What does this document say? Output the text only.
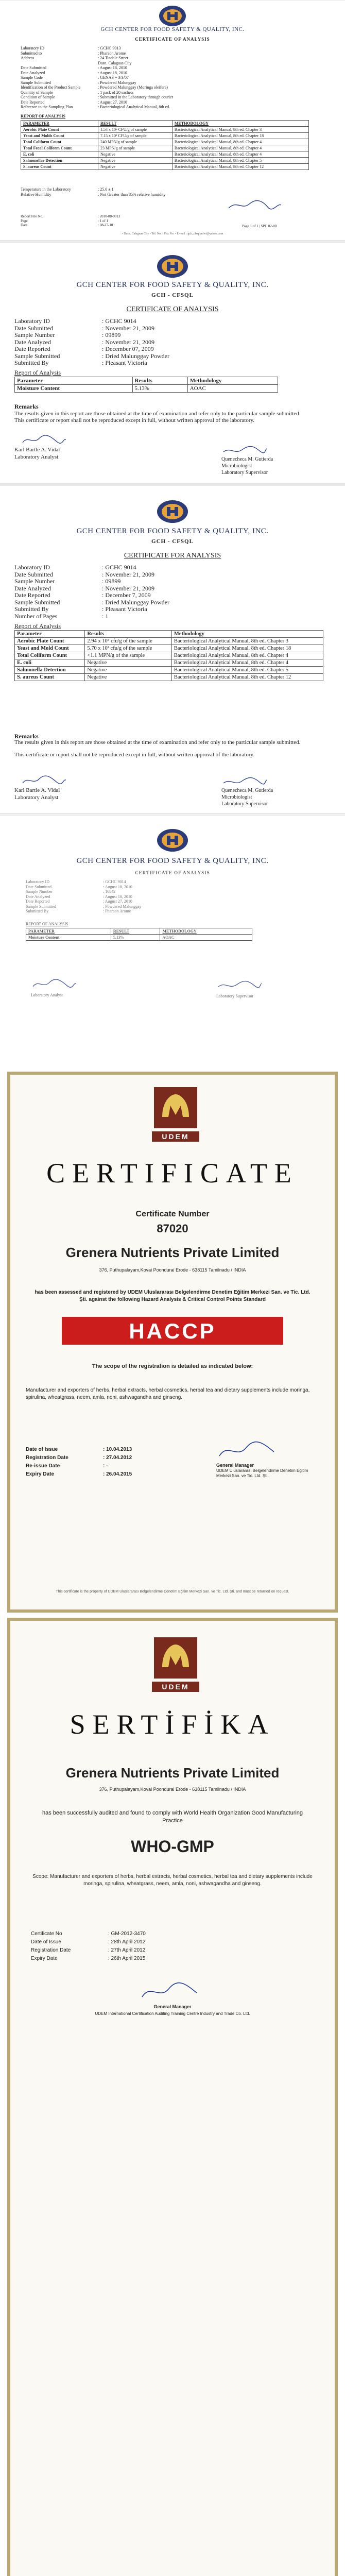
GCH CENTER FOR FOOD SAFETY & QUALITY, INC.
CERTIFICATE OF ANALYSIS
Laboratory ID	: GCHC 9013
Submitted to	: Pharaon Arome
Address	: 24 Tindale Street
Dasn. Calaguas City
Date Submitted	: August 18, 2010
Date Analyzed	: August 18, 2010
Sample Code	: GENAS + 3/3/07
Sample Submitted	: Powdered Malunggay
Identification of the Product Sample	: Powdered Malunggay (Moringa oleifera)
Quantity of Sample	: 1 pack of 20 sachets
Condition of Sample	: Submitted in the Laboratory through courier
Date Reported	: August 27, 2010
Reference to the Sampling Plan	: Bacteriological Analytical Manual, 8th ed.
REPORT OF ANALYSIS
PARAMETER	RESULT	METHODOLOGY
Aerobic Plate Count	1.54 x 10⁵ CFU/g of sample	Bacteriological Analytical Manual, 8th ed. Chapter 3
Yeast and Molds Count	7.15 x 10² CFU/g of sample	Bacteriological Analytical Manual, 8th ed. Chapter 18
Total Coliform Count	240 MPN/g of sample	Bacteriological Analytical Manual, 8th ed. Chapter 4
Total Fecal Coliform Count	23 MPN/g of sample	Bacteriological Analytical Manual, 8th ed. Chapter 4
E. coli	Negative	Bacteriological Analytical Manual, 8th ed. Chapter 4
Salmonellae Detection	Negative	Bacteriological Analytical Manual, 8th ed. Chapter 5
S. aureus Count	Negative	Bacteriological Analytical Manual, 8th ed. Chapter 12
Temperature in the Laboratory	: 25.0 ± 1
Relative Humidity	: Not Greater than 85% relative humidity
Report File No.	: 2010-08-9013
Page	: 1 of 1
Date	: 08-27-10	Page 1 of 1 | SPC 02-00
• Dasn. Calaguas City • Tel. No. • Fax No. • E-mail : gch_cfsqlpnlwi@yahoo.com
GCH CENTER FOR FOOD SAFETY & QUALITY, INC.
GCH - CFSQL
CERTIFICATE OF ANALYSIS
Laboratory ID	: GCHC 9014
Date Submitted	: November 21, 2009
Sample Number	: 09899
Date Analyzed	: November 21, 2009
Date Reported	: December 07, 2009
Sample Submitted	: Dried Malunggay Powder
Submitted By	: Pleasant Victoria
Report of Analysis
Parameter	Results	Methodology
Moisture Content	5.13%	AOAC
Remarks
The results given in this report are those obtained at the time of examination and refer only to the particular sample submitted. This certificate or report shall not be reproduced except in full, without written approval of the laboratory.
Karl Bartle A. Vidal
Laboratory Analyst	Quenecheca M. Gutierda
Microbiologist
Laboratory Supervisor
GCH CENTER FOR FOOD SAFETY & QUALITY, INC.
GCH - CFSQL
CERTIFICATE FOR ANALYSIS
Laboratory ID	: GCHC 9014
Date Submitted	: November 21, 2009
Sample Number	: 09899
Date Analyzed	: November 21, 2009
Date Reported	: December 7, 2009
Sample Submitted	: Dried Malunggay Powder
Submitted By	: Pleasant Victoria
Number of Pages	: 1
Report of Analysis
Parameter	Results	Methodology
Aerobic Plate Count	2.94 x 10⁵ cfu/g of the sample	Bacteriological Analytical Manual, 8th ed. Chapter 3
Yeast and Mold Count	5.70 x 10² cfu/g of the sample	Bacteriological Analytical Manual, 8th ed. Chapter 18
Total Coliform Count	<1.1 MPN/g of the sample	Bacteriological Analytical Manual, 8th ed. Chapter 4
E. coli	Negative	Bacteriological Analytical Manual, 8th ed. Chapter 4
Salmonella Detection	Negative	Bacteriological Analytical Manual, 8th ed. Chapter 5
S. aureus Count	Negative	Bacteriological Analytical Manual, 8th ed. Chapter 12
Remarks
The results given in this report are those obtained at the time of examination and refer only to the particular sample submitted.
This certificate or report shall not be reproduced except in full, without written approval of the laboratory.
Karl Bartle A. Vidal
Laboratory Analyst
Quenecheca M. Gutierda
Microbiologist
Laboratory Supervisor
GCH CENTER FOR FOOD SAFETY & QUALITY, INC.
CERTIFICATE OF ANALYSIS
Laboratory ID	: GCHC 9014
Date Submitted	: August 18, 2010
Sample Number	: 10842
Date Analyzed	: August 18, 2010
Date Reported	: August 27, 2010
Sample Submitted	: Powdered Malunggay
Submitted By	: Pharaon Arome
REPORT OF ANALYSIS
PARAMETER	RESULT	METHODOLOGY
Moisture Content	5.13%	AOAC
Laboratory Analyst	Laboratory Supervisor
UDEM
CERTIFICATE
Certificate Number
87020
Grenera Nutrients Private Limited
376, Puthupalayam,Kovai Poondurai Erode - 638115 Tamilnadu / INDIA
has been assessed and registered by UDEM Uluslararası Belgelendirme Denetim Eğitim Merkezi San. ve Tic. Ltd. Şti. against the following Hazard Analysis & Critical Control Points Standard
HACCP
The scope of the registration is detailed as indicated below:
Manufacturer and exporters of herbs, herbal extracts, herbal cosmetics, herbal tea and dietary supplements include moringa, spirulina, wheatgrass, neem, amla, noni, ashwagandha and ginseng.
Date of Issue	: 10.04.2013
Registration Date	: 27.04.2012
Re-issue Date	: -
Expiry Date	: 26.04.2015
General Manager
UDEM Uluslararası Belgelendirme Denetim Eğitim Merkezi San. ve Tic. Ltd. Şti.
This certificate is the property of UDEM Uluslararası Belgelendirme Denetim Eğitim Merkezi San. ve Tic. Ltd. Şti. and must be returned on request.
UDEM
SERTİFİKA
Grenera Nutrients Private Limited
376, Puthupalayam,Kovai Poondurai Erode - 638115 Tamilnadu / INDIA
has been successfully audited and found to comply with World Health Organization Good Manufacturing Practice
WHO-GMP
Scope: Manufacturer and exporters of herbs, herbal extracts, herbal cosmetics, herbal tea and dietary supplements include moringa, spirulina, wheatgrass, neem, amla, noni, ashwagandha and ginseng.
Certificate No	: GM-2012-3470
Date of Issue	: 28th April 2012
Registration Date	: 27th April 2012
Expiry Date	: 26th April 2015
General Manager
UDEM International Certification Auditing Training Centre Industry and Trade Co. Ltd.
